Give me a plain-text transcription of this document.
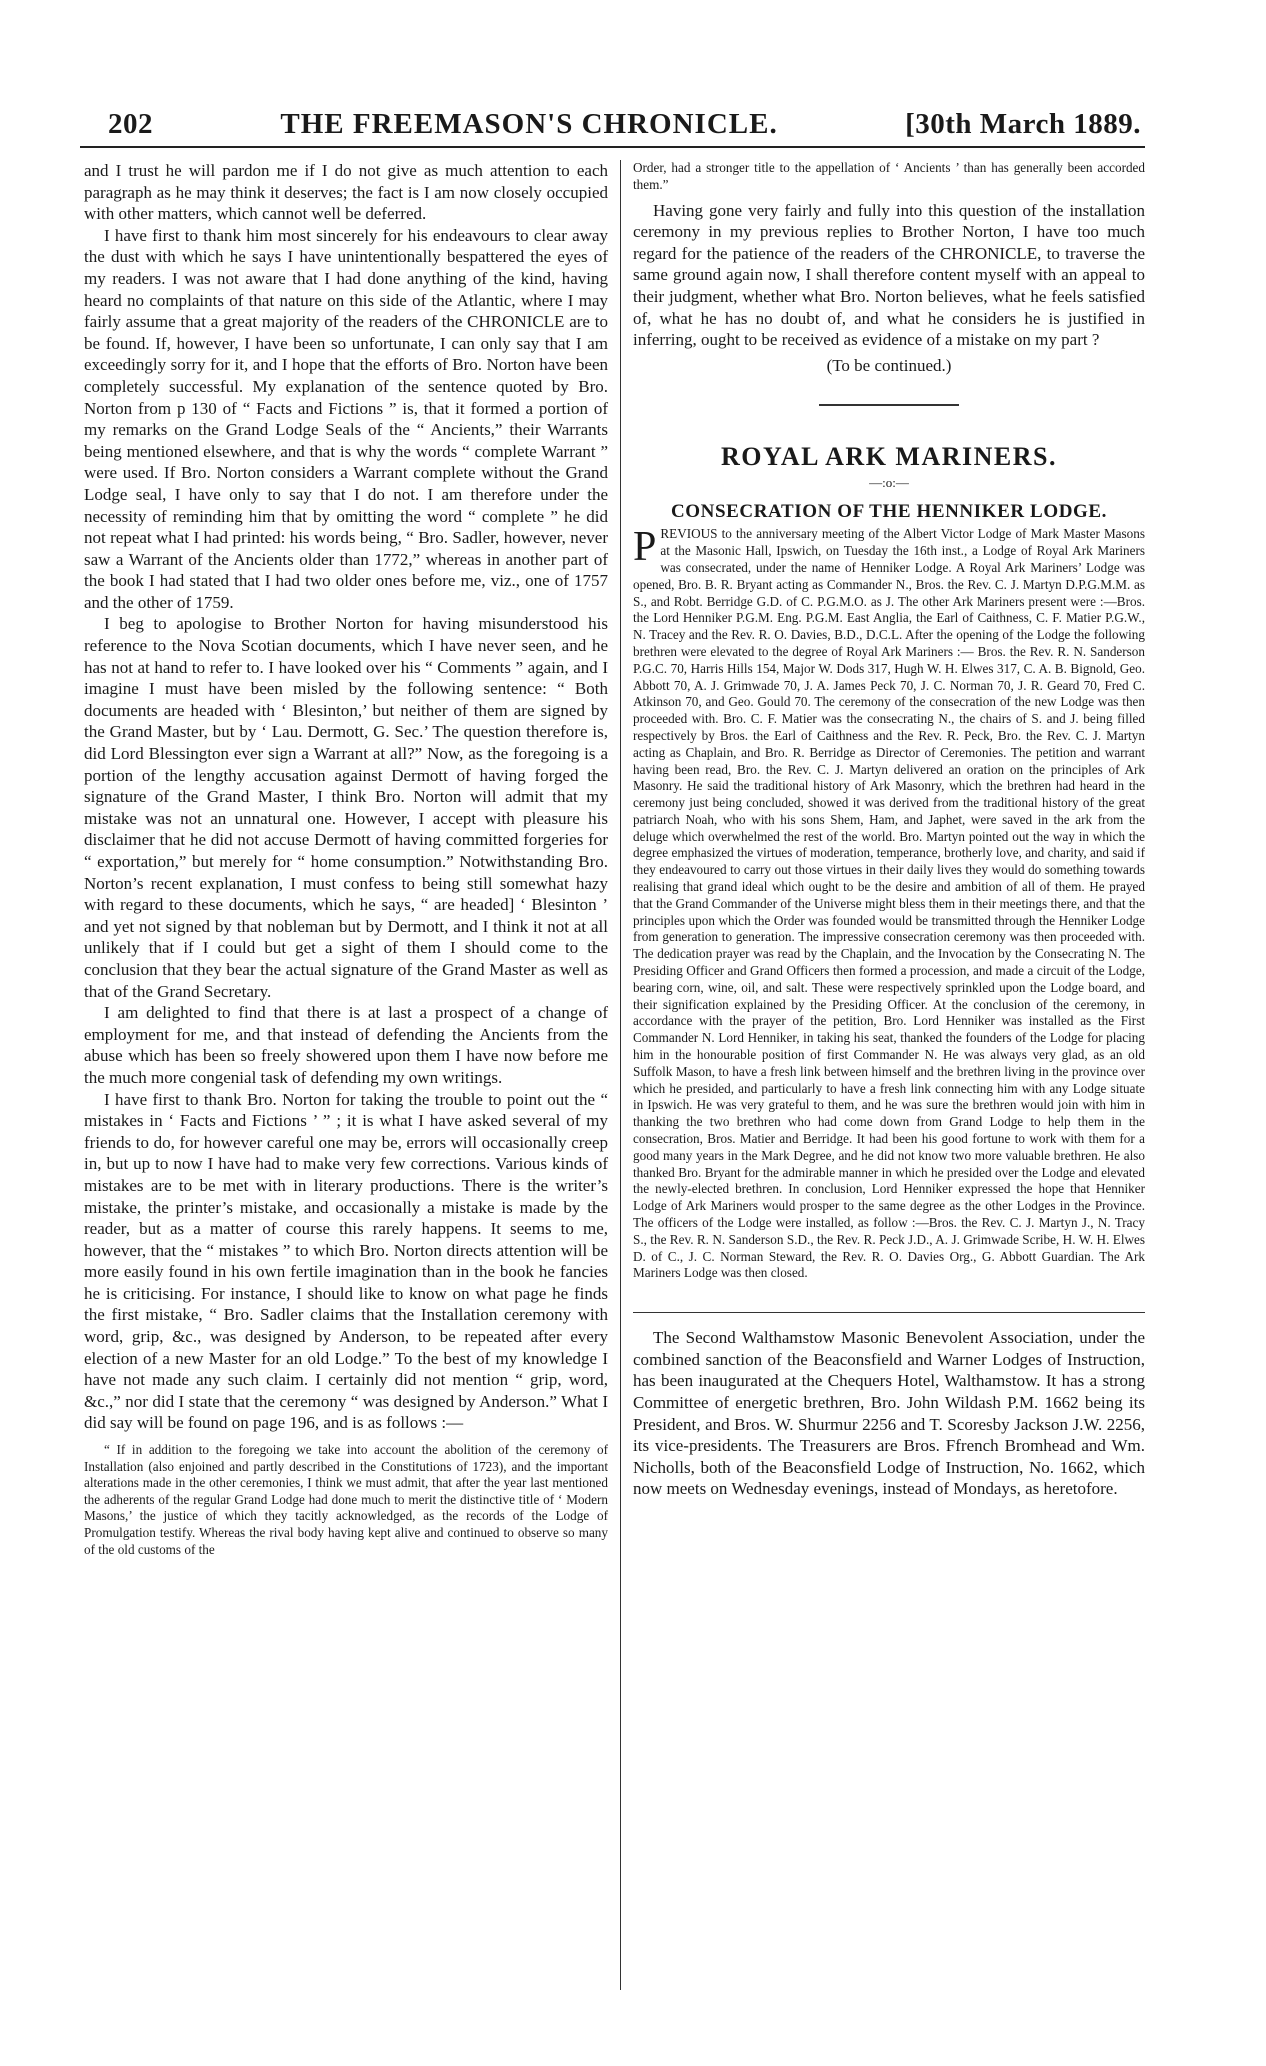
202	THE FREEMASON'S CHRONICLE.	[30th March 1889.

and I trust he will pardon me if I do not give as much attention to each paragraph as he may think it deserves; the fact is I am now closely occupied with other matters, which cannot well be deferred.

I have first to thank him most sincerely for his endeavours to clear away the dust with which he says I have unintentionally bespattered the eyes of my readers. I was not aware that I had done anything of the kind, having heard no complaints of that nature on this side of the Atlantic, where I may fairly assume that a great majority of the readers of the CHRONICLE are to be found. If, however, I have been so unfortunate, I can only say that I am exceedingly sorry for it, and I hope that the efforts of Bro. Norton have been completely successful. My explanation of the sentence quoted by Bro. Norton from p 130 of “ Facts and Fictions ” is, that it formed a portion of my remarks on the Grand Lodge Seals of the “ Ancients,” their Warrants being mentioned elsewhere, and that is why the words “ complete Warrant ” were used. If Bro. Norton considers a Warrant complete without the Grand Lodge seal, I have only to say that I do not. I am therefore under the necessity of reminding him that by omitting the word “ complete ” he did not repeat what I had printed: his words being, “ Bro. Sadler, however, never saw a Warrant of the Ancients older than 1772,” whereas in another part of the book I had stated that I had two older ones before me, viz., one of 1757 and the other of 1759.

I beg to apologise to Brother Norton for having misunderstood his reference to the Nova Scotian documents, which I have never seen, and he has not at hand to refer to. I have looked over his “ Comments ” again, and I imagine I must have been misled by the following sentence: “ Both documents are headed with ‘ Blesinton,’ but neither of them are signed by the Grand Master, but by ‘ Lau. Dermott, G. Sec.’ The question therefore is, did Lord Blessington ever sign a Warrant at all?” Now, as the foregoing is a portion of the lengthy accusation against Dermott of having forged the signature of the Grand Master, I think Bro. Norton will admit that my mistake was not an unnatural one. However, I accept with pleasure his disclaimer that he did not accuse Dermott of having committed forgeries for “ exportation,” but merely for “ home consumption.” Notwithstanding Bro. Norton’s recent explanation, I must confess to being still somewhat hazy with regard to these documents, which he says, “ are headed] ‘ Blesinton ’ and yet not signed by that nobleman but by Dermott, and I think it not at all unlikely that if I could but get a sight of them I should come to the conclusion that they bear the actual signature of the Grand Master as well as that of the Grand Secretary.

I am delighted to find that there is at last a prospect of a change of employment for me, and that instead of defending the Ancients from the abuse which has been so freely showered upon them I have now before me the much more congenial task of defending my own writings.

I have first to thank Bro. Norton for taking the trouble to point out the “ mistakes in ‘ Facts and Fictions ’ ” ; it is what I have asked several of my friends to do, for however careful one may be, errors will occasionally creep in, but up to now I have had to make very few corrections. Various kinds of mistakes are to be met with in literary productions. There is the writer’s mistake, the printer’s mistake, and occasionally a mistake is made by the reader, but as a matter of course this rarely happens. It seems to me, however, that the “ mistakes ” to which Bro. Norton directs attention will be more easily found in his own fertile imagination than in the book he fancies he is criticising. For instance, I should like to know on what page he finds the first mistake, “ Bro. Sadler claims that the Installation ceremony with word, grip, &c., was designed by Anderson, to be repeated after every election of a new Master for an old Lodge.” To the best of my knowledge I have not made any such claim. I certainly did not mention “ grip, word, &c.,” nor did I state that the ceremony “ was designed by Anderson.” What I did say will be found on page 196, and is as follows :—

“ If in addition to the foregoing we take into account the abolition of the ceremony of Installation (also enjoined and partly described in the Constitutions of 1723), and the important alterations made in the other ceremonies, I think we must admit, that after the year last mentioned the adherents of the regular Grand Lodge had done much to merit the distinctive title of ‘ Modern Masons,’ the justice of which they tacitly acknowledged, as the records of the Lodge of Promulgation testify. Whereas the rival body having kept alive and continued to observe so many of the old customs of the

Order, had a stronger title to the appellation of ‘ Ancients ’ than has generally been accorded them.”

Having gone very fairly and fully into this question of the installation ceremony in my previous replies to Brother Norton, I have too much regard for the patience of the readers of the CHRONICLE, to traverse the same ground again now, I shall therefore content myself with an appeal to their judgment, whether what Bro. Norton believes, what he feels satisfied of, what he has no doubt of, and what he considers he is justified in inferring, ought to be received as evidence of a mistake on my part ?

(To be continued.)

ROYAL ARK MARINERS.
—:o:—
CONSECRATION OF THE HENNIKER LODGE.

PREVIOUS to the anniversary meeting of the Albert Victor Lodge of Mark Master Masons at the Masonic Hall, Ipswich, on Tuesday the 16th inst., a Lodge of Royal Ark Mariners was consecrated, under the name of Henniker Lodge. A Royal Ark Mariners’ Lodge was opened, Bro. B. R. Bryant acting as Commander N., Bros. the Rev. C. J. Martyn D.P.G.M.M. as S., and Robt. Berridge G.D. of C. P.G.M.O. as J. The other Ark Mariners present were :—Bros. the Lord Henniker P.G.M. Eng. P.G.M. East Anglia, the Earl of Caithness, C. F. Matier P.G.W., N. Tracey and the Rev. R. O. Davies, B.D., D.C.L. After the opening of the Lodge the following brethren were elevated to the degree of Royal Ark Mariners :— Bros. the Rev. R. N. Sanderson P.G.C. 70, Harris Hills 154, Major W. Dods 317, Hugh W. H. Elwes 317, C. A. B. Bignold, Geo. Abbott 70, A. J. Grimwade 70, J. A. James Peck 70, J. C. Norman 70, J. R. Geard 70, Fred C. Atkinson 70, and Geo. Gould 70. The ceremony of the consecration of the new Lodge was then proceeded with. Bro. C. F. Matier was the consecrating N., the chairs of S. and J. being filled respectively by Bros. the Earl of Caithness and the Rev. R. Peck, Bro. the Rev. C. J. Martyn acting as Chaplain, and Bro. R. Berridge as Director of Ceremonies. The petition and warrant having been read, Bro. the Rev. C. J. Martyn delivered an oration on the principles of Ark Masonry. He said the traditional history of Ark Masonry, which the brethren had heard in the ceremony just being concluded, showed it was derived from the traditional history of the great patriarch Noah, who with his sons Shem, Ham, and Japhet, were saved in the ark from the deluge which overwhelmed the rest of the world. Bro. Martyn pointed out the way in which the degree emphasized the virtues of moderation, temperance, brotherly love, and charity, and said if they endeavoured to carry out those virtues in their daily lives they would do something towards realising that grand ideal which ought to be the desire and ambition of all of them. He prayed that the Grand Commander of the Universe might bless them in their meetings there, and that the principles upon which the Order was founded would be transmitted through the Henniker Lodge from generation to generation. The impressive consecration ceremony was then proceeded with. The dedication prayer was read by the Chaplain, and the Invocation by the Consecrating N. The Presiding Officer and Grand Officers then formed a procession, and made a circuit of the Lodge, bearing corn, wine, oil, and salt. These were respectively sprinkled upon the Lodge board, and their signification explained by the Presiding Officer. At the conclusion of the ceremony, in accordance with the prayer of the petition, Bro. Lord Henniker was installed as the First Commander N. Lord Henniker, in taking his seat, thanked the founders of the Lodge for placing him in the honourable position of first Commander N. He was always very glad, as an old Suffolk Mason, to have a fresh link between himself and the brethren living in the province over which he presided, and particularly to have a fresh link connecting him with any Lodge situate in Ipswich. He was very grateful to them, and he was sure the brethren would join with him in thanking the two brethren who had come down from Grand Lodge to help them in the consecration, Bros. Matier and Berridge. It had been his good fortune to work with them for a good many years in the Mark Degree, and he did not know two more valuable brethren. He also thanked Bro. Bryant for the admirable manner in which he presided over the Lodge and elevated the newly-elected brethren. In conclusion, Lord Henniker expressed the hope that Henniker Lodge of Ark Mariners would prosper to the same degree as the other Lodges in the Province. The officers of the Lodge were installed, as follow :—Bros. the Rev. C. J. Martyn J., N. Tracy S., the Rev. R. N. Sanderson S.D., the Rev. R. Peck J.D., A. J. Grimwade Scribe, H. W. H. Elwes D. of C., J. C. Norman Steward, the Rev. R. O. Davies Org., G. Abbott Guardian. The Ark Mariners Lodge was then closed.

The Second Walthamstow Masonic Benevolent Association, under the combined sanction of the Beaconsfield and Warner Lodges of Instruction, has been inaugurated at the Chequers Hotel, Walthamstow. It has a strong Committee of energetic brethren, Bro. John Wildash P.M. 1662 being its President, and Bros. W. Shurmur 2256 and T. Scoresby Jackson J.W. 2256, its vice-presidents. The Treasurers are Bros. Ffrench Bromhead and Wm. Nicholls, both of the Beaconsfield Lodge of Instruction, No. 1662, which now meets on Wednesday evenings, instead of Mondays, as heretofore.
